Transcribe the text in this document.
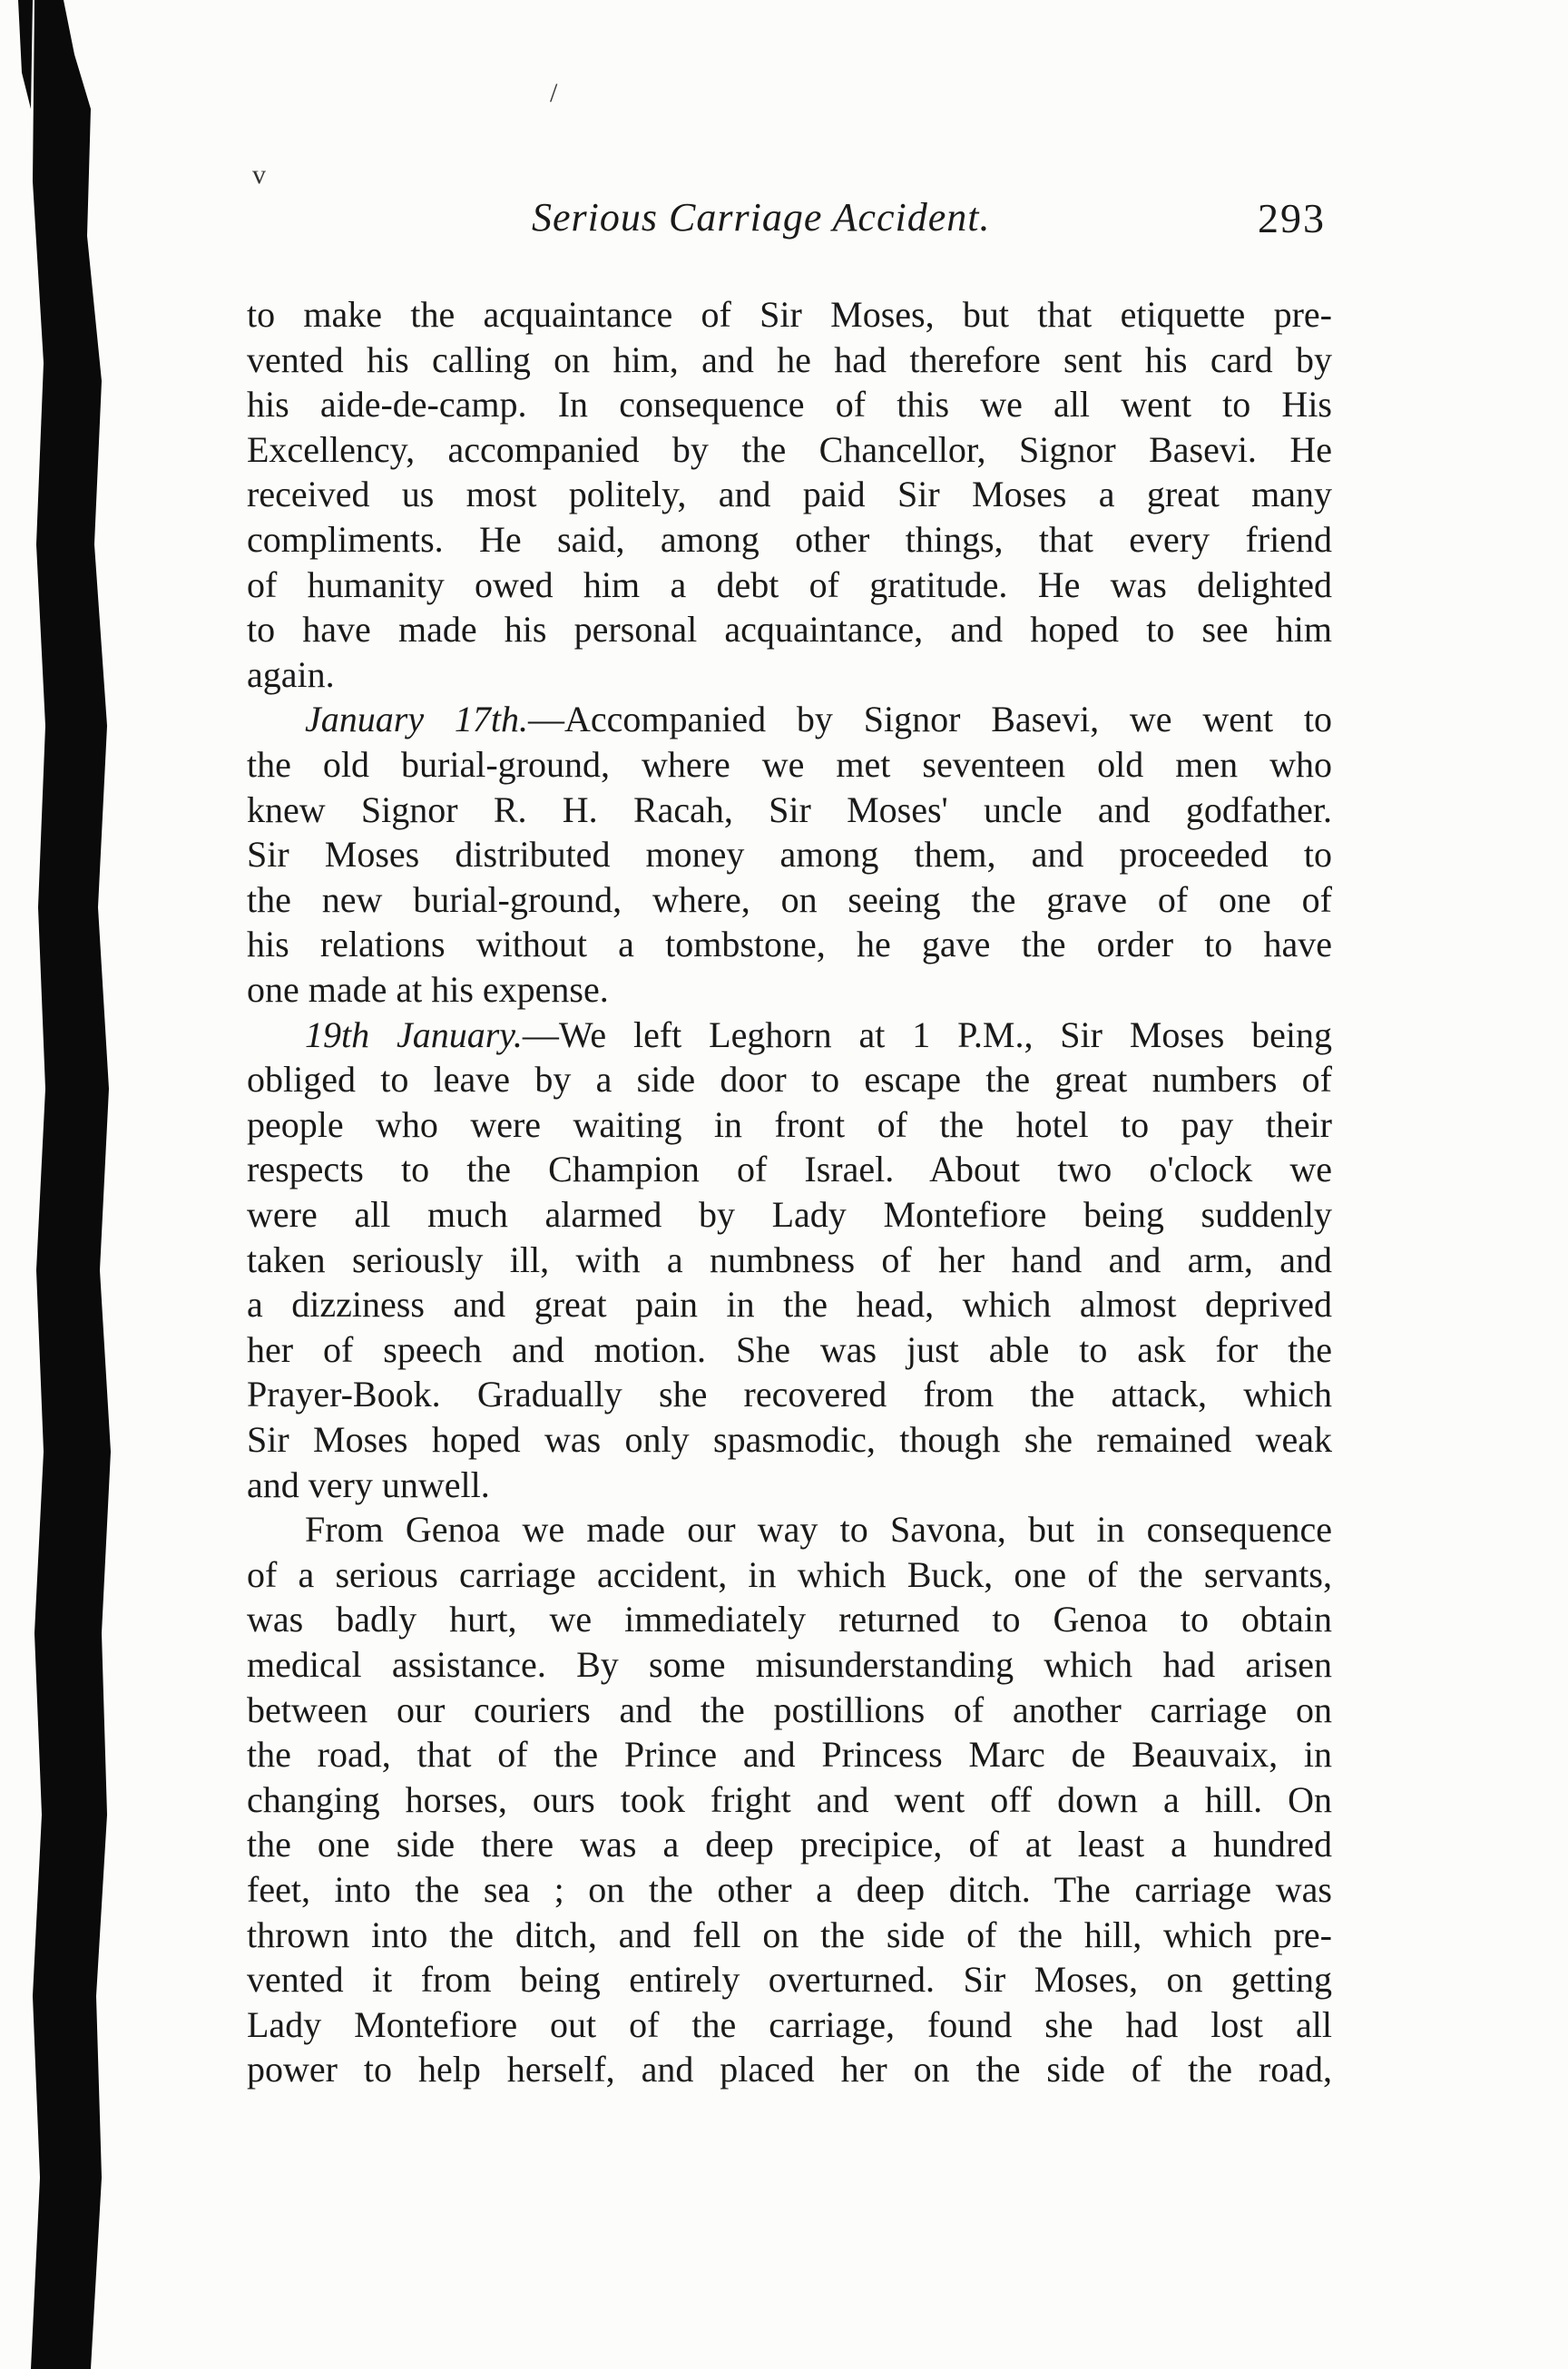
/
v
Serious Carriage Accident.	293
to make the acquaintance of Sir Moses, but that etiquette pre-
vented his calling on him, and he had therefore sent his card by
his aide-de-camp. In consequence of this we all went to His
Excellency, accompanied by the Chancellor, Signor Basevi. He
received us most politely, and paid Sir Moses a great many
compliments. He said, among other things, that every friend
of humanity owed him a debt of gratitude. He was delighted
to have made his personal acquaintance, and hoped to see him
again.
January 17th.—Accompanied by Signor Basevi, we went to
the old burial-ground, where we met seventeen old men who
knew Signor R. H. Racah, Sir Moses' uncle and godfather.
Sir Moses distributed money among them, and proceeded to
the new burial-ground, where, on seeing the grave of one of
his relations without a tombstone, he gave the order to have
one made at his expense.
19th January.—We left Leghorn at 1 P.M., Sir Moses being
obliged to leave by a side door to escape the great numbers of
people who were waiting in front of the hotel to pay their
respects to the Champion of Israel. About two o'clock we
were all much alarmed by Lady Montefiore being suddenly
taken seriously ill, with a numbness of her hand and arm, and
a dizziness and great pain in the head, which almost deprived
her of speech and motion. She was just able to ask for the
Prayer-Book. Gradually she recovered from the attack, which
Sir Moses hoped was only spasmodic, though she remained weak
and very unwell.
From Genoa we made our way to Savona, but in consequence
of a serious carriage accident, in which Buck, one of the servants,
was badly hurt, we immediately returned to Genoa to obtain
medical assistance. By some misunderstanding which had arisen
between our couriers and the postillions of another carriage on
the road, that of the Prince and Princess Marc de Beauvaix, in
changing horses, ours took fright and went off down a hill. On
the one side there was a deep precipice, of at least a hundred
feet, into the sea ; on the other a deep ditch. The carriage was
thrown into the ditch, and fell on the side of the hill, which pre-
vented it from being entirely overturned. Sir Moses, on getting
Lady Montefiore out of the carriage, found she had lost all
power to help herself, and placed her on the side of the road,
